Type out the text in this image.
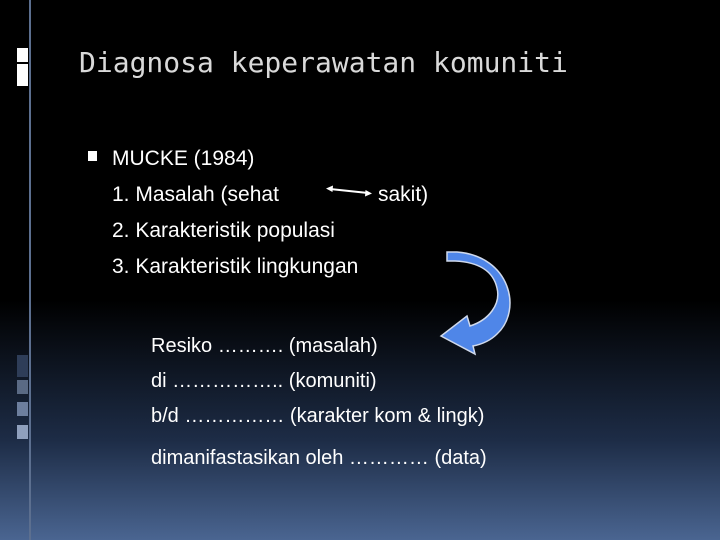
Diagnosa keperawatan komuniti
MUCKE (1984)
1. Masalah (sehat	sakit)
2. Karakteristik populasi
3. Karakteristik lingkungan
Resiko ………. (masalah)
di …………….. (komuniti)
b/d …………… (karakter kom & lingk)
dimanifastasikan oleh ………… (data)
